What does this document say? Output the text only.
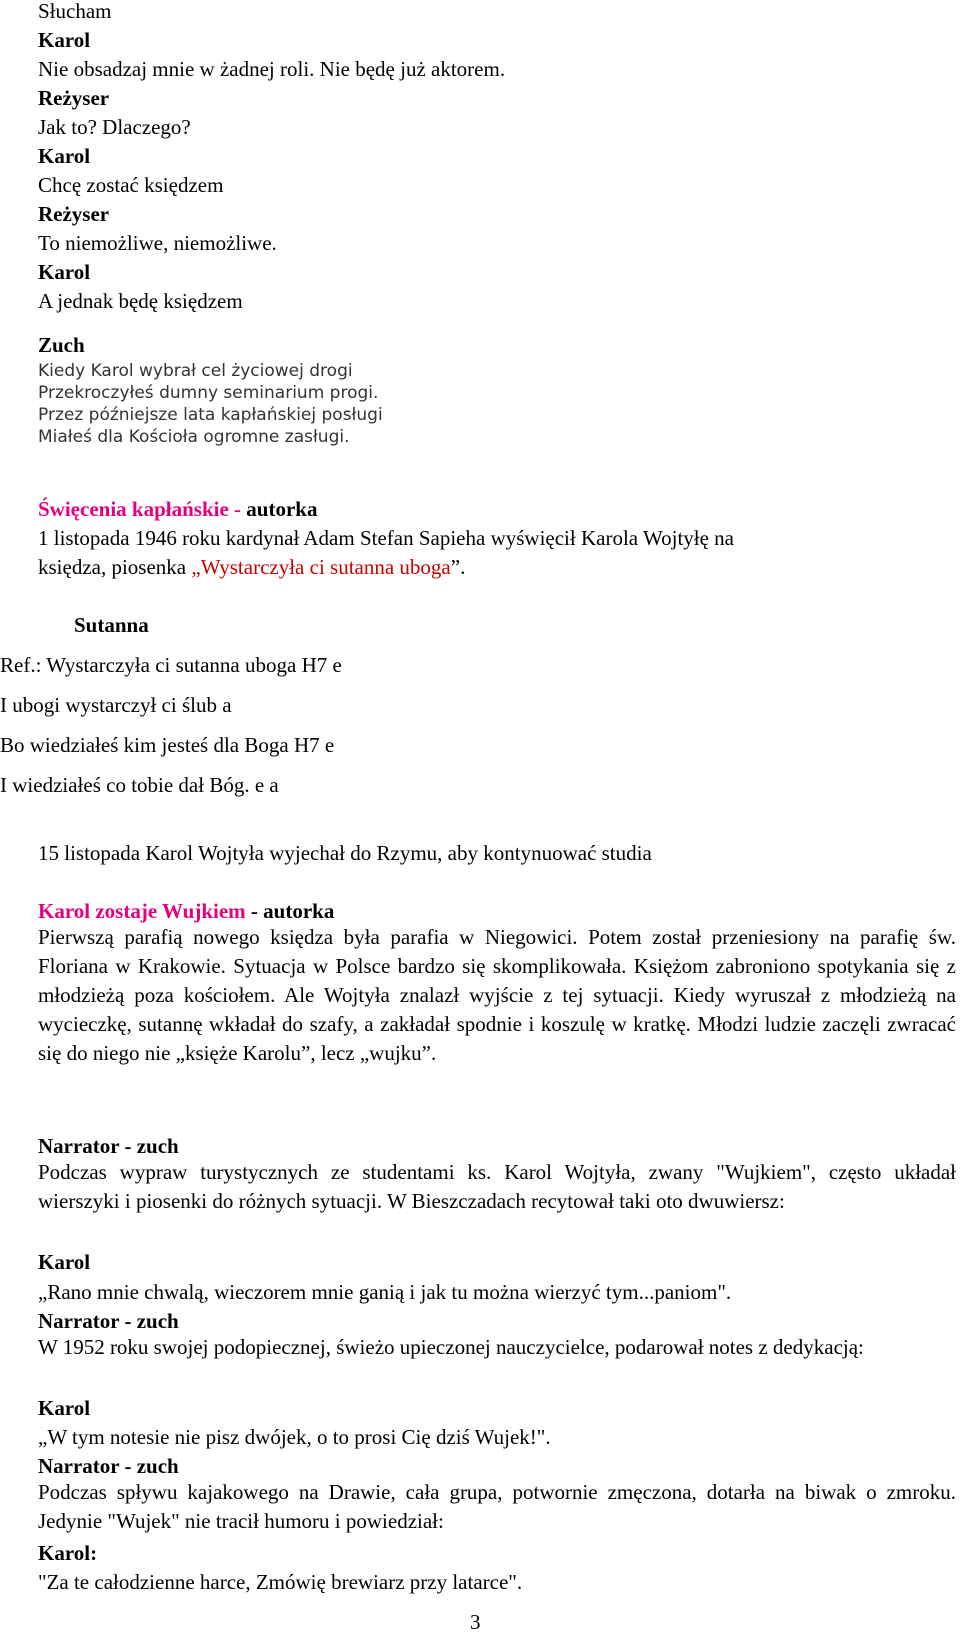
Słucham
Karol
Nie obsadzaj mnie w żadnej roli. Nie będę już aktorem.
Reżyser
Jak to? Dlaczego?
Karol
Chcę zostać księdzem
Reżyser
To niemożliwe, niemożliwe.
Karol
A jednak będę księdzem
Zuch
Kiedy Karol wybrał cel życiowej drogi
Przekroczyłeś dumny seminarium progi.
Przez późniejsze lata kapłańskiej posługi
Miałeś dla Kościoła ogromne zasługi.
Święcenia kapłańskie - autorka
1 listopada 1946 roku kardynał Adam Stefan Sapieha wyświęcił Karola Wojtyłę na
księdza, piosenka „Wystarczyła ci sutanna uboga”.
Sutanna
Ref.: Wystarczyła ci sutanna uboga H7 e
I ubogi wystarczył ci ślub a
Bo wiedziałeś kim jesteś dla Boga H7 e
I wiedziałeś co tobie dał Bóg. e a
15 listopada Karol Wojtyła wyjechał do Rzymu, aby kontynuować studia
Karol zostaje Wujkiem - autorka
Pierwszą parafią nowego księdza była parafia w Niegowici. Potem został przeniesiony na parafię św. Floriana w Krakowie. Sytuacja w Polsce bardzo się skomplikowała. Księżom zabroniono spotykania się z młodzieżą poza kościołem. Ale Wojtyła znalazł wyjście z tej sytuacji. Kiedy wyruszał z młodzieżą na wycieczkę, sutannę wkładał do szafy, a zakładał spodnie i koszulę w kratkę. Młodzi ludzie zaczęli zwracać się do niego nie „księże Karolu”, lecz „wujku”.
Narrator - zuch
Podczas wypraw turystycznych ze studentami ks. Karol Wojtyła, zwany "Wujkiem", często układał wierszyki i piosenki do różnych sytuacji. W Bieszczadach recytował taki oto dwuwiersz:
Karol
„Rano mnie chwalą, wieczorem mnie ganią i jak tu można wierzyć tym...paniom".
Narrator - zuch
W 1952 roku swojej podopiecznej, świeżo upieczonej nauczycielce, podarował notes z dedykacją:
Karol
„W tym notesie nie pisz dwójek, o to prosi Cię dziś Wujek!".
Narrator - zuch
Podczas spływu kajakowego na Drawie, cała grupa, potwornie zmęczona, dotarła na biwak o zmroku. Jedynie "Wujek" nie tracił humoru i powiedział:
Karol:
"Za te całodzienne harce, Zmówię brewiarz przy latarce".
3
